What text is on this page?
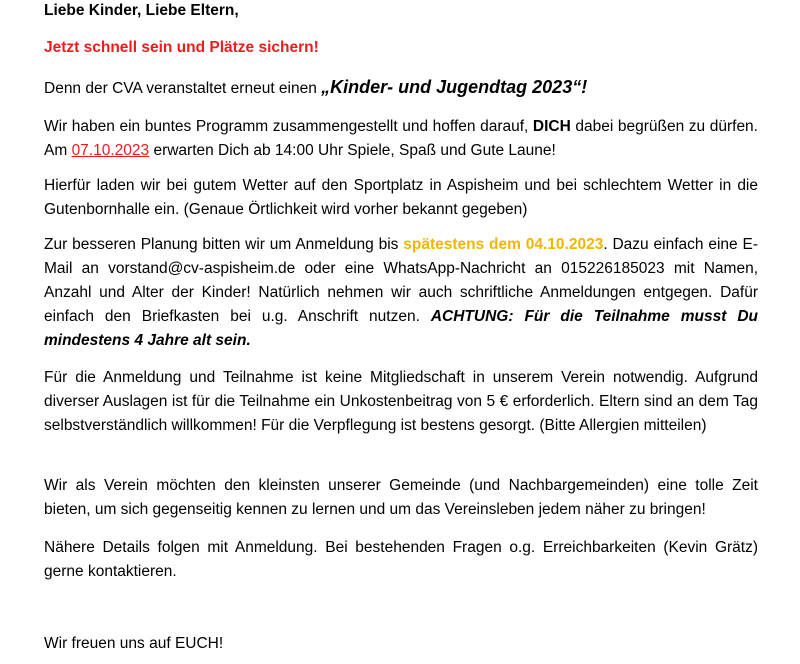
Liebe Kinder, Liebe Eltern,

Jetzt schnell sein und Plätze sichern!

Denn der CVA veranstaltet erneut einen „Kinder- und Jugendtag 2023“!

Wir haben ein buntes Programm zusammengestellt und hoffen darauf, DICH dabei begrüßen zu dürfen. Am 07.10.2023 erwarten Dich ab 14:00 Uhr Spiele, Spaß und Gute Laune!

Hierfür laden wir bei gutem Wetter auf den Sportplatz in Aspisheim und bei schlechtem Wetter in die Gutenbornhalle ein. (Genaue Örtlichkeit wird vorher bekannt gegeben)

Zur besseren Planung bitten wir um Anmeldung bis spätestens dem 04.10.2023. Dazu einfach eine E-Mail an vorstand@cv-aspisheim.de oder eine WhatsApp-Nachricht an 015226185023 mit Namen, Anzahl und Alter der Kinder! Natürlich nehmen wir auch schriftliche Anmeldungen entgegen. Dafür einfach den Briefkasten bei u.g. Anschrift nutzen. ACHTUNG: Für die Teilnahme musst Du mindestens 4 Jahre alt sein.

Für die Anmeldung und Teilnahme ist keine Mitgliedschaft in unserem Verein notwendig. Aufgrund diverser Auslagen ist für die Teilnahme ein Unkostenbeitrag von 5 € erforderlich. Eltern sind an dem Tag selbstverständlich willkommen! Für die Verpflegung ist bestens gesorgt. (Bitte Allergien mitteilen)

Wir als Verein möchten den kleinsten unserer Gemeinde (und Nachbargemeinden) eine tolle Zeit bieten, um sich gegenseitig kennen zu lernen und um das Vereinsleben jedem näher zu bringen!

Nähere Details folgen mit Anmeldung. Bei bestehenden Fragen o.g. Erreichbarkeiten (Kevin Grätz) gerne kontaktieren.

Wir freuen uns auf EUCH!
